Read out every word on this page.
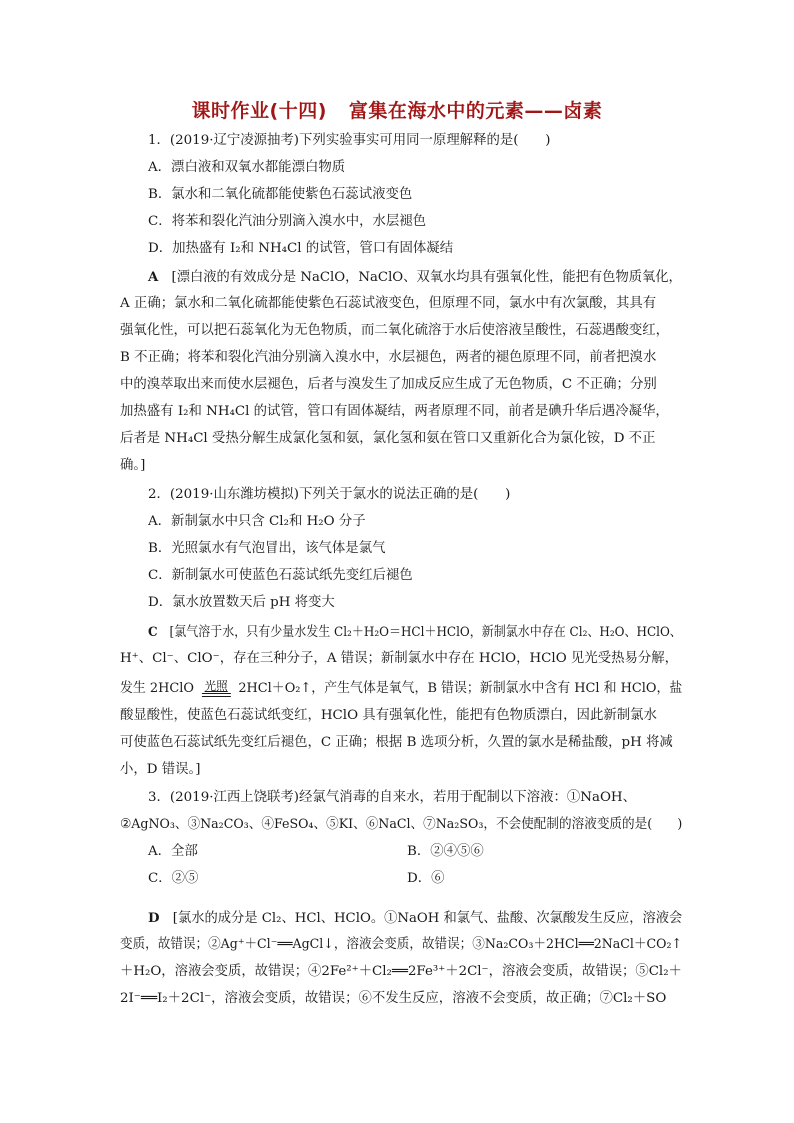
课时作业(十四) 富集在海水中的元素——卤素
1．(2019·辽宁凌源抽考)下列实验事实可用同一原理解释的是(　　)
A．漂白液和双氧水都能漂白物质
B．氯水和二氧化硫都能使紫色石蕊试液变色
C．将苯和裂化汽油分别滴入溴水中，水层褪色
D．加热盛有 I₂和 NH₄Cl 的试管，管口有固体凝结
A　 [漂白液的有效成分是 NaClO，NaClO、双氧水均具有强氧化性，能把有色物质氧化，
A 正确；氯水和二氧化硫都能使紫色石蕊试液变色，但原理不同，氯水中有次氯酸，其具有
强氧化性，可以把石蕊氧化为无色物质，而二氧化硫溶于水后使溶液呈酸性，石蕊遇酸变红，
B 不正确；将苯和裂化汽油分别滴入溴水中，水层褪色，两者的褪色原理不同，前者把溴水
中的溴萃取出来而使水层褪色，后者与溴发生了加成反应生成了无色物质，C 不正确；分别
加热盛有 I₂和 NH₄Cl 的试管，管口有固体凝结，两者原理不同，前者是碘升华后遇冷凝华，
后者是 NH₄Cl 受热分解生成氯化氢和氨，氯化氢和氨在管口又重新化合为氯化铵，D 不正
确。]
2．(2019·山东潍坊模拟)下列关于氯水的说法正确的是(　　)
A．新制氯水中只含 Cl₂和 H₂O 分子
B．光照氯水有气泡冒出，该气体是氯气
C．新制氯水可使蓝色石蕊试纸先变红后褪色
D．氯水放置数天后 pH 将变大
C　 [氯气溶于水，只有少量水发生 Cl₂＋H₂O＝HCl＋HClO，新制氯水中存在 Cl₂、H₂O、HClO、
H⁺、Cl⁻、ClO⁻，存在三种分子，A 错误；新制氯水中存在 HClO，HClO 见光受热易分解，
发生 2HClO 光照 2HCl＋O₂↑，产生气体是氧气，B 错误；新制氯水中含有 HCl 和 HClO，盐
酸显酸性，使蓝色石蕊试纸变红，HClO 具有强氧化性，能把有色物质漂白，因此新制氯水
可使蓝色石蕊试纸先变红后褪色，C 正确；根据 B 选项分析，久置的氯水是稀盐酸，pH 将减
小，D 错误。]
3．(2019·江西上饶联考)经氯气消毒的自来水，若用于配制以下溶液：①NaOH、
②AgNO₃、③Na₂CO₃、④FeSO₄、⑤KI、⑥NaCl、⑦Na₂SO₃，不会使配制的溶液变质的是(　　)
A．全部	B．②④⑤⑥
C．②⑤	D．⑥
D　 [氯水的成分是 Cl₂、HCl、HClO。①NaOH 和氯气、盐酸、次氯酸发生反应，溶液会
变质，故错误；②Ag⁺＋Cl⁻══AgCl↓，溶液会变质，故错误；③Na₂CO₃＋2HCl══2NaCl＋CO₂↑
＋H₂O，溶液会变质，故错误；④2Fe²⁺＋Cl₂══2Fe³⁺＋2Cl⁻，溶液会变质，故错误；⑤Cl₂＋
2I⁻══I₂＋2Cl⁻，溶液会变质，故错误；⑥不发生反应，溶液不会变质，故正确；⑦Cl₂＋SO
